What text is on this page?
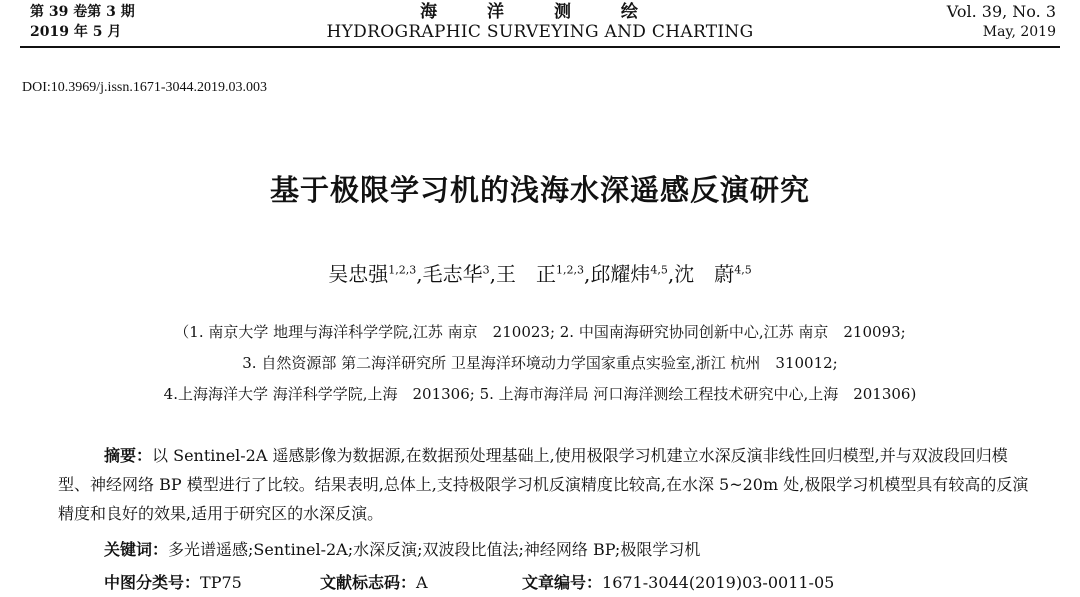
第 39 卷第 3 期
2019 年 5 月
海 洋 测 绘
HYDROGRAPHIC SURVEYING AND CHARTING
Vol. 39, No. 3
May, 2019
DOI:10.3969/j.issn.1671-3044.2019.03.003
基于极限学习机的浅海水深遥感反演研究
吴忠强$^{1,2,3}$,毛志华$^3$,王　正$^{1,2,3}$,邱耀炜$^{4,5}$,沈　蔚$^{4,5}$
（1. 南京大学 地理与海洋科学学院,江苏 南京　210023; 2. 中国南海研究协同创新中心,江苏 南京　210093;
3. 自然资源部 第二海洋研究所 卫星海洋环境动力学国家重点实验室,浙江 杭州　310012;
4.上海海洋大学 海洋科学学院,上海　201306; 5. 上海市海洋局 河口海洋测绘工程技术研究中心,上海　201306)
摘要：以 Sentinel-2A 遥感影像为数据源,在数据预处理基础上,使用极限学习机建立水深反演非线性回归模型,并与双波段回归模型、神经网络 BP 模型进行了比较。结果表明,总体上,支持极限学习机反演精度比较高,在水深 5~20m 处,极限学习机模型具有较高的反演精度和良好的效果,适用于研究区的水深反演。
关键词：多光谱遥感;Sentinel-2A;水深反演;双波段比值法;神经网络 BP;极限学习机
中图分类号：TP75	文献标志码：A	文章编号：1671-3044(2019)03-0011-05
